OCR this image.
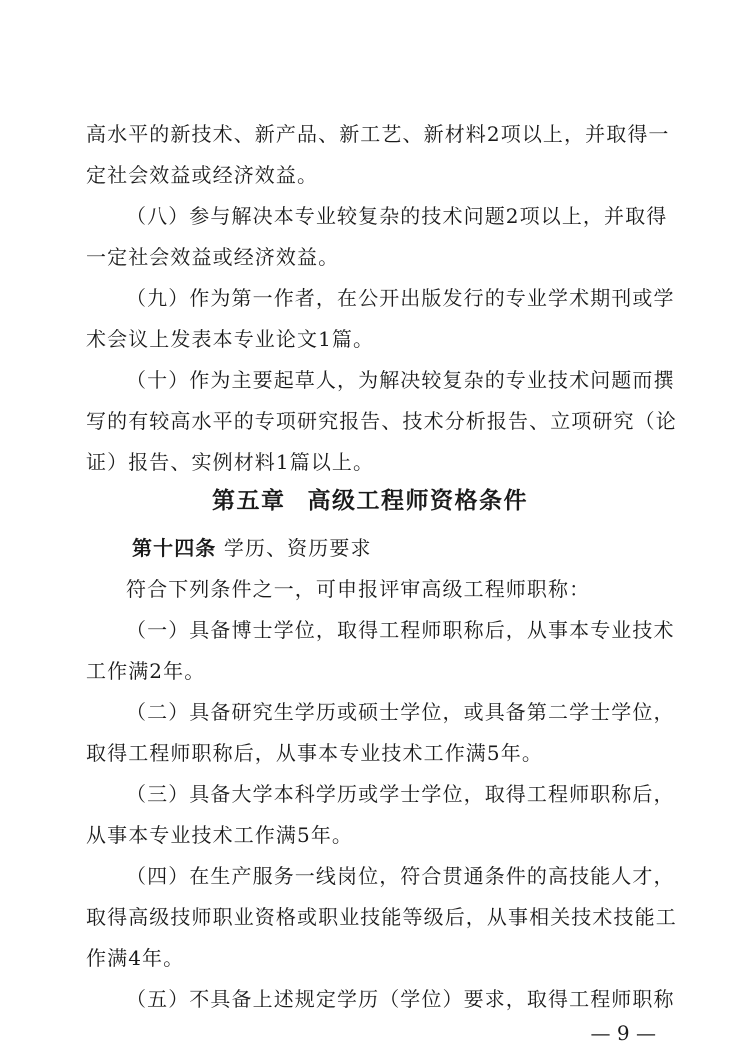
高水平的新技术、新产品、新工艺、新材料2项以上，并取得一
定社会效益或经济效益。
（八）参与解决本专业较复杂的技术问题2项以上，并取得
一定社会效益或经济效益。
（九）作为第一作者，在公开出版发行的专业学术期刊或学
术会议上发表本专业论文1篇。
（十）作为主要起草人，为解决较复杂的专业技术问题而撰
写的有较高水平的专项研究报告、技术分析报告、立项研究（论
证）报告、实例材料1篇以上。
第五章 高级工程师资格条件
第十四条 学历、资历要求
符合下列条件之一，可申报评审高级工程师职称：
（一）具备博士学位，取得工程师职称后，从事本专业技术
工作满2年。
（二）具备研究生学历或硕士学位，或具备第二学士学位，
取得工程师职称后，从事本专业技术工作满5年。
（三）具备大学本科学历或学士学位，取得工程师职称后，
从事本专业技术工作满5年。
（四）在生产服务一线岗位，符合贯通条件的高技能人才，
取得高级技师职业资格或职业技能等级后，从事相关技术技能工
作满4年。
（五）不具备上述规定学历（学位）要求，取得工程师职称
— 9 —
